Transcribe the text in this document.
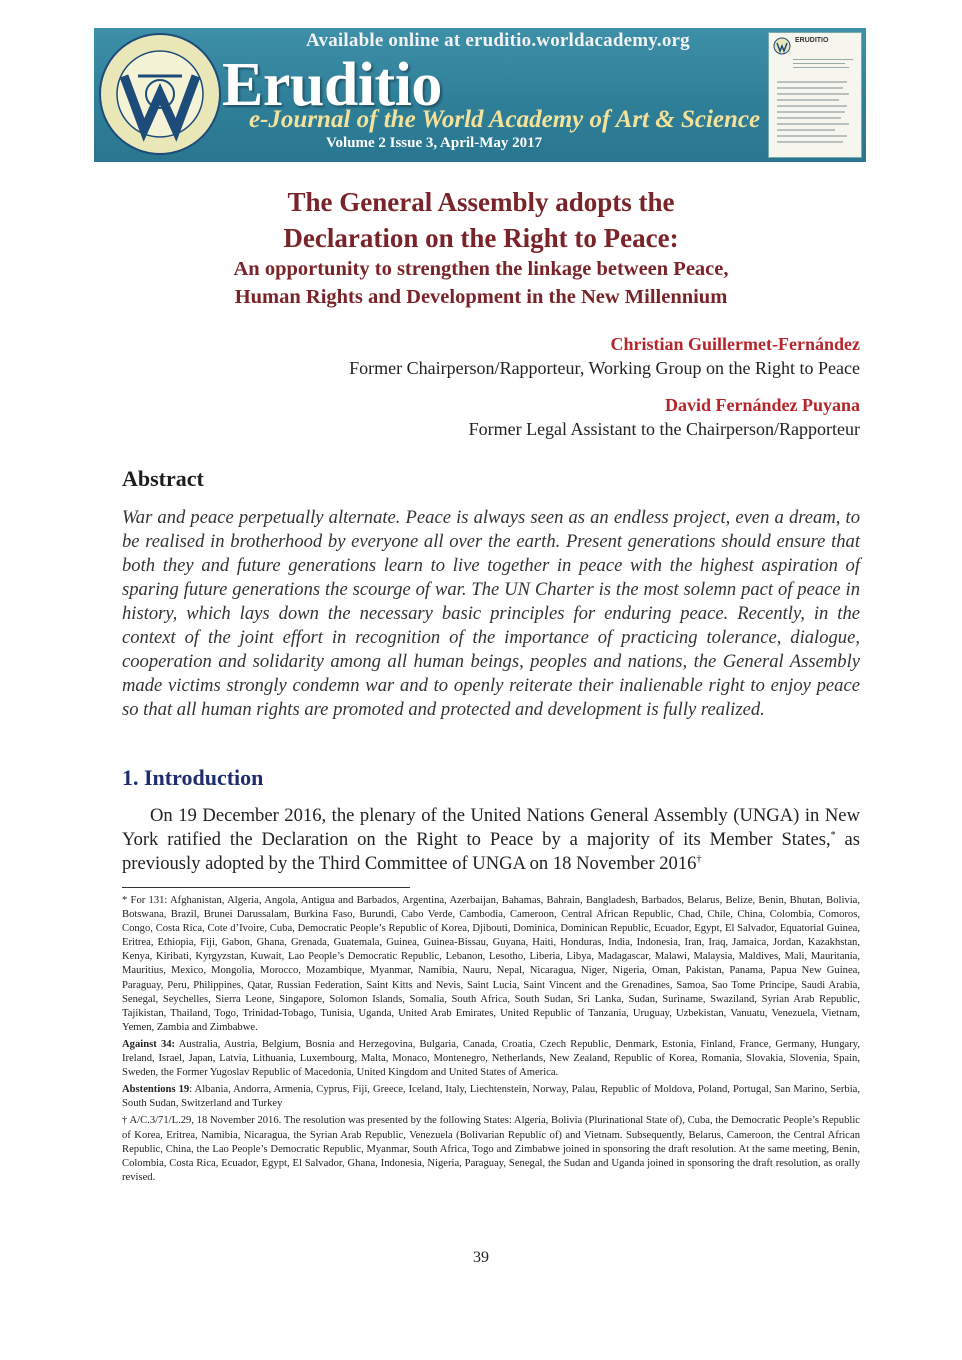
Available online at eruditio.worldacademy.org
Eruditio
e-Journal of the World Academy of Art & Science
Volume 2 Issue 3, April-May 2017
ERUDITIO
The General Assembly adopts the
Declaration on the Right to Peace:
An opportunity to strengthen the linkage between Peace,
Human Rights and Development in the New Millennium
Christian Guillermet-Fernández
Former Chairperson/Rapporteur, Working Group on the Right to Peace
David Fernández Puyana
Former Legal Assistant to the Chairperson/Rapporteur
Abstract
War and peace perpetually alternate. Peace is always seen as an endless project, even a dream, to be realised in brotherhood by everyone all over the earth. Present generations should ensure that both they and future generations learn to live together in peace with the highest aspiration of sparing future generations the scourge of war. The UN Charter is the most solemn pact of peace in history, which lays down the necessary basic principles for enduring peace. Recently, in the context of the joint effort in recognition of the importance of practicing tolerance, dialogue, cooperation and solidarity among all human beings, peoples and nations, the General Assembly made victims strongly condemn war and to openly reiterate their inalienable right to enjoy peace so that all human rights are promoted and protected and development is fully realized.
1. Introduction
On 19 December 2016, the plenary of the United Nations General Assembly (UNGA) in New York ratified the Declaration on the Right to Peace by a majority of its Member States,* as previously adopted by the Third Committee of UNGA on 18 November 2016†

* For 131: Afghanistan, Algeria, Angola, Antigua and Barbados, Argentina, Azerbaijan, Bahamas, Bahrain, Bangladesh, Barbados, Belarus, Belize, Benin, Bhutan, Bolivia, Botswana, Brazil, Brunei Darussalam, Burkina Faso, Burundi, Cabo Verde, Cambodia, Cameroon, Central African Republic, Chad, Chile, China, Colombia, Comoros, Congo, Costa Rica, Cote d’Ivoire, Cuba, Democratic People’s Republic of Korea, Djibouti, Dominica, Dominican Republic, Ecuador, Egypt, El Salvador, Equatorial Guinea, Eritrea, Ethiopia, Fiji, Gabon, Ghana, Grenada, Guatemala, Guinea, Guinea-Bissau, Guyana, Haiti, Honduras, India, Indonesia, Iran, Iraq, Jamaica, Jordan, Kazakhstan, Kenya, Kiribati, Kyrgyzstan, Kuwait, Lao People’s Democratic Republic, Lebanon, Lesotho, Liberia, Libya, Madagascar, Malawi, Malaysia, Maldives, Mali, Mauritania, Mauritius, Mexico, Mongolia, Morocco, Mozambique, Myanmar, Namibia, Nauru, Nepal, Nicaragua, Niger, Nigeria, Oman, Pakistan, Panama, Papua New Guinea, Paraguay, Peru, Philippines, Qatar, Russian Federation, Saint Kitts and Nevis, Saint Lucia, Saint Vincent and the Grenadines, Samoa, Sao Tome Principe, Saudi Arabia, Senegal, Seychelles, Sierra Leone, Singapore, Solomon Islands, Somalia, South Africa, South Sudan, Sri Lanka, Sudan, Suriname, Swaziland, Syrian Arab Republic, Tajikistan, Thailand, Togo, Trinidad-Tobago, Tunisia, Uganda, United Arab Emirates, United Republic of Tanzania, Uruguay, Uzbekistan, Vanuatu, Venezuela, Vietnam, Yemen, Zambia and Zimbabwe.

Against 34: Australia, Austria, Belgium, Bosnia and Herzegovina, Bulgaria, Canada, Croatia, Czech Republic, Denmark, Estonia, Finland, France, Germany, Hungary, Ireland, Israel, Japan, Latvia, Lithuania, Luxembourg, Malta, Monaco, Montenegro, Netherlands, New Zealand, Republic of Korea, Romania, Slovakia, Slovenia, Spain, Sweden, the Former Yugoslav Republic of Macedonia, United Kingdom and United States of America.

Abstentions 19: Albania, Andorra, Armenia, Cyprus, Fiji, Greece, Iceland, Italy, Liechtenstein, Norway, Palau, Republic of Moldova, Poland, Portugal, San Marino, Serbia, South Sudan, Switzerland and Turkey

† A/C.3/71/L.29, 18 November 2016. The resolution was presented by the following States: Algeria, Bolivia (Plurinational State of), Cuba, the Democratic People’s Republic of Korea, Eritrea, Namibia, Nicaragua, the Syrian Arab Republic, Venezuela (Bolivarian Republic of) and Vietnam. Subsequently, Belarus, Cameroon, the Central African Republic, China, the Lao People’s Democratic Republic, Myanmar, South Africa, Togo and Zimbabwe joined in sponsoring the draft resolution. At the same meeting, Benin, Colombia, Costa Rica, Ecuador, Egypt, El Salvador, Ghana, Indonesia, Nigeria, Paraguay, Senegal, the Sudan and Uganda joined in sponsoring the draft resolution, as orally revised.

39
